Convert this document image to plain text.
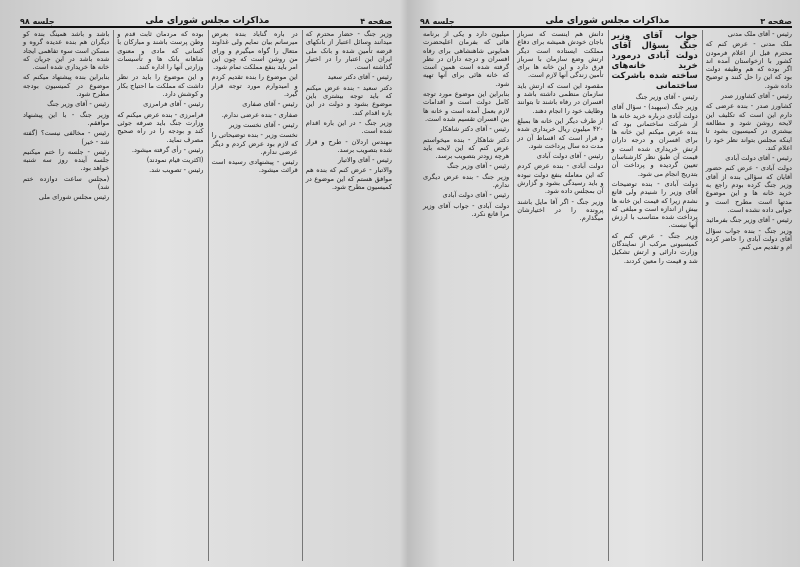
صفحه ۴
مذاکرات مجلس شورای ملی
جلسه ۹۸

وزیر جنگ - حضار محترم که میدانند وسائل اعتبار از بانکهای قرضه تأمین شده و بانک ملی ایران این اعتبار را در اختیار گذاشته است.

رئیس - آقای دکتر سعید

دکتر سعید - بنده عرض میکنم که باید توجه بیشتری باین موضوع بشود و دولت در این باره اقدام کند.

وزیر جنگ - در این باره اقدام شده است.

مهندس اردلان - طرح و قرار شده بتصویب برسد.

رئیس - آقای والاتبار

والاتبار - عرض کنم که بنده هم موافق هستم که این موضوع در کمیسیون مطرح شود.

در باره گناباد بنده بعرض میرسانم بیان نمایم ولی غذاوند متعال را گواه میگیرم و ورای من روشن است که چون این امر باید بنفع مملکت تمام شود.

این موضوع را بنده تقدیم کردم و امیدوارم مورد توجه قرار گیرد.

رئیس - آقای صفاری

صفاری - بنده عرضی ندارم.

رئیس - آقای نخست وزیر

نخست وزیر - بنده توضیحاتی را که لازم بود عرض کردم و دیگر عرضی ندارم.

رئیس - پیشنهادی رسیده است قرائت میشود.

بوده که مردمان ثابت قدم و وطن پرست باشند و مبارکان با کسانی که مادی و معنوی شاهانه بانک ها و تأسیسات وزارتی آنها را اداره کنند.

و این موضوع را باید در نظر داشت که مملکت ما احتیاج بکار و کوشش دارد.

رئیس - آقای فرامرزی

فرامرزی - بنده عرض میکنم که وزارت جنگ باید صرفه جوئی کند و بودجه را در راه صحیح مصرف نماید.

رئیس - رأی گرفته میشود.

(اکثریت قیام نمودند)

رئیس - تصویب شد.

باشد و باشد همینگ بنده کو دیگران هم بنده عدیده گروه و مسکن است سوء تفاهمی ایجاد شده باشد در این جریان که خانه ها خریداری شده است.

بنابراین بنده پیشنهاد میکنم که موضوع در کمیسیون بودجه مطرح شود.

رئیس - آقای وزیر جنگ

وزیر جنگ - با این پیشنهاد موافقم.

رئیس - مخالفی نیست؟ (گفته شد - خیر)

رئیس - جلسه را ختم میکنیم جلسه آینده روز سه شنبه خواهد بود.

(مجلس ساعت دوازده ختم شد)

رئیس مجلس شورای ملی

صفحه ۳
مذاکرات مجلس شورای ملی
جلسه ۹۸

رئیس - آقای ملک مدنی

ملک مدنی - عرض کنم که محترم قبل از اعلام فرمودن کشور با ازخواستان آمده اند اگر بوده که هم وظیفه دولت بود که این را حل کنند و توضیح داده شود.

رئیس - آقای کشاورز صدر

کشاورز صدر - بنده عرضی که دارم این است که تکلیف این لایحه روشن شود و مطالعه بیشتری در کمیسیون بشود تا اینکه مجلس بتواند نظر خود را اعلام کند.

رئیس - آقای دولت آبادی

دولت آبادی - عرض کنم حضور آقایان که سؤالی بنده از آقای وزیر جنگ کرده بودم راجع به خرید خانه ها و این موضوع مدتها است مطرح است و جوابی داده نشده است.

رئیس - آقای وزیر جنگ بفرمائید

وزیر جنگ - بنده جواب سؤال آقای دولت آبادی را حاضر کرده ام و تقدیم می کنم.

جواب آقای وزیر جنگ بسؤال آقای دولت آبادی درمورد خرید خانه‌های ساخته شده باشرکت ساختمانی

رئیس - آقای وزیر جنگ

وزیر جنگ (سپهبد) - سؤال آقای دولت آبادی درباره خرید خانه ها از شرکت ساختمانی بود که بنده عرض میکنم این خانه ها برای افسران و درجه داران ارتش خریداری شده است و قیمت آن طبق نظر کارشناسان تعیین گردیده و پرداخت آن بتدریج انجام می شود.

دولت آبادی - بنده توضیحات آقای وزیر را شنیدم ولی قانع نشدم زیرا که قیمت این خانه ها بیش از اندازه است و مبلغی که پرداخت شده متناسب با ارزش آنها نیست.

وزیر جنگ - عرض کنم که کمیسیونی مرکب از نمایندگان وزارت دارائی و ارتش تشکیل شد و قیمت را معین کردند.

دانش هم اینست که سرباز باجان خودش همیشه برای دفاع مملکت ایستاده است دیگر ارتش وضع سازمان با سرباز فرق دارد و این خانه ها برای تأمین زندگی آنها لازم است.

مقصود این است که ارتش باید سازمان منظمی داشته باشد و افسران در رفاه باشند تا بتوانند وظایف خود را انجام دهند.

از طرف دیگر این خانه ها بمبلغ ۴۲۰ میلیون ریال خریداری شده و قرار است که اقساط آن در مدت ده سال پرداخت شود.

رئیس - آقای دولت آبادی

دولت آبادی - بنده عرض کردم که این معامله بنفع دولت نبوده و باید رسیدگی بشود و گزارش آن بمجلس داده شود.

وزیر جنگ - اگر آقا مایل باشند پرونده را در اختیارشان میگذارم.

میلیون دارد و یکی از برنامه هائی که بفرمان اعلیحضرت همایونی شاهنشاهی برای رفاه افسران و درجه داران در نظر گرفته شده است همین است که خانه هائی برای آنها تهیه شود.

بنابراین این موضوع مورد توجه کامل دولت است و اقدامات لازم بعمل آمده است و خانه ها بین افسران تقسیم شده است.

رئیس - آقای دکتر شاهکار

دکتر شاهکار - بنده میخواستم عرض کنم که این لایحه باید هرچه زودتر بتصویب برسد.

رئیس - آقای وزیر جنگ

وزیر جنگ - بنده عرض دیگری ندارم.

رئیس - آقای دولت آبادی

دولت آبادی - جواب آقای وزیر مرا قانع نکرد.
